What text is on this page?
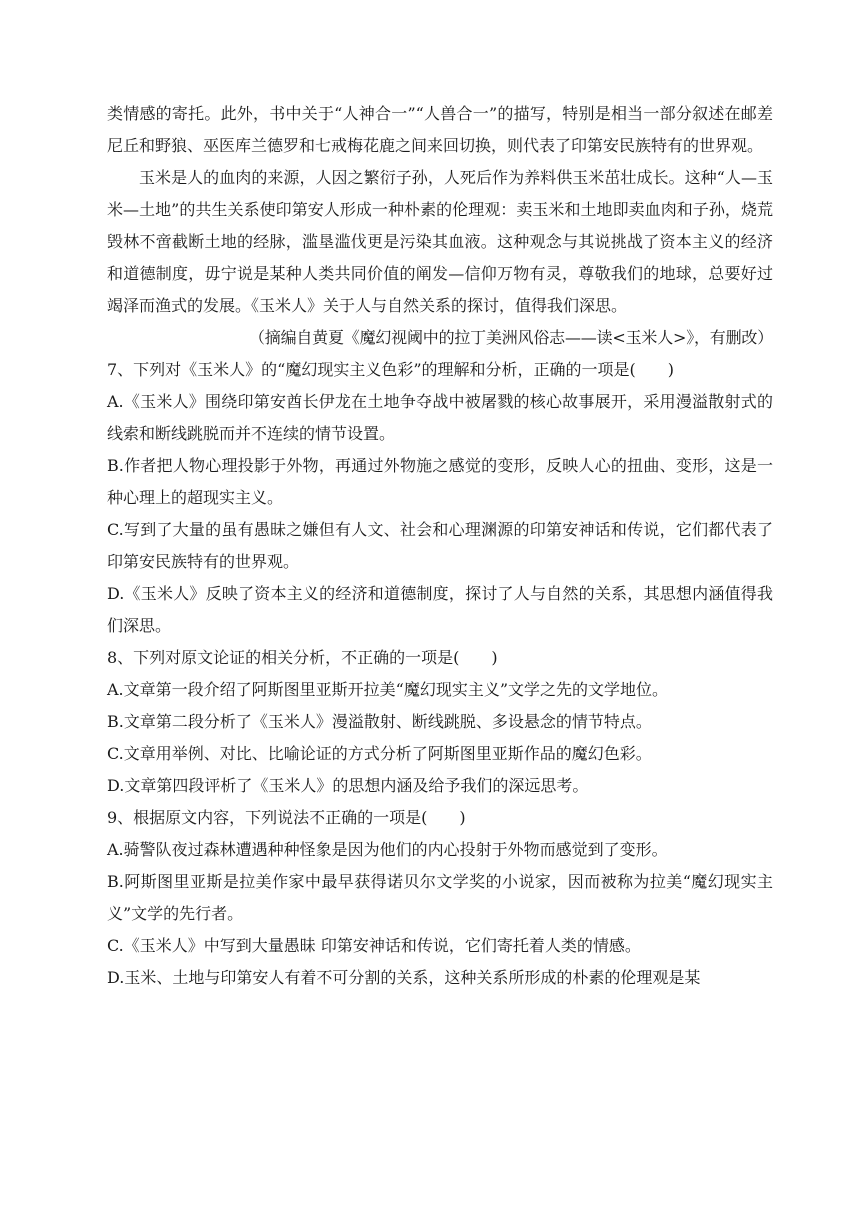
类情感的寄托。此外，书中关于“人神合一”“人兽合一”的描写，特别是相当一部分叙述在邮差尼丘和野狼、巫医库兰德罗和七戒梅花鹿之间来回切换，则代表了印第安民族特有的世界观。

玉米是人的血肉的来源，人因之繁衍子孙，人死后作为养料供玉米茁壮成长。这种“人—玉米—土地”的共生关系使印第安人形成一种朴素的伦理观：卖玉米和土地即卖血肉和子孙，烧荒毁林不啻截断土地的经脉，滥垦滥伐更是污染其血液。这种观念与其说挑战了资本主义的经济和道德制度，毋宁说是某种人类共同价值的阐发—信仰万物有灵，尊敬我们的地球，总要好过竭泽而渔式的发展。《玉米人》关于人与自然关系的探讨，值得我们深思。

（摘编自黄夏《魔幻视阈中的拉丁美洲风俗志——读<玉米人>》，有删改）

7、下列对《玉米人》的“魔幻现实主义色彩”的理解和分析，正确的一项是(　　)

A.《玉米人》围绕印第安酋长伊龙在土地争夺战中被屠戮的核心故事展开，采用漫溢散射式的线索和断线跳脱而并不连续的情节设置。

B.作者把人物心理投影于外物，再通过外物施之感觉的变形，反映人心的扭曲、变形，这是一种心理上的超现实主义。

C.写到了大量的虽有愚昧之嫌但有人文、社会和心理渊源的印第安神话和传说，它们都代表了印第安民族特有的世界观。

D.《玉米人》反映了资本主义的经济和道德制度，探讨了人与自然的关系，其思想内涵值得我们深思。

8、下列对原文论证的相关分析，不正确的一项是(　　)

A.文章第一段介绍了阿斯图里亚斯开拉美“魔幻现实主义”文学之先的文学地位。

B.文章第二段分析了《玉米人》漫溢散射、断线跳脱、多设悬念的情节特点。

C.文章用举例、对比、比喻论证的方式分析了阿斯图里亚斯作品的魔幻色彩。

D.文章第四段评析了《玉米人》的思想内涵及给予我们的深远思考。

9、根据原文内容，下列说法不正确的一项是(　　)

A.骑警队夜过森林遭遇种种怪象是因为他们的内心投射于外物而感觉到了变形。

B.阿斯图里亚斯是拉美作家中最早获得诺贝尔文学奖的小说家，因而被称为拉美“魔幻现实主义”文学的先行者。

C.《玉米人》中写到大量愚昧 印第安神话和传说，它们寄托着人类的情感。

D.玉米、土地与印第安人有着不可分割的关系，这种关系所形成的朴素的伦理观是某
